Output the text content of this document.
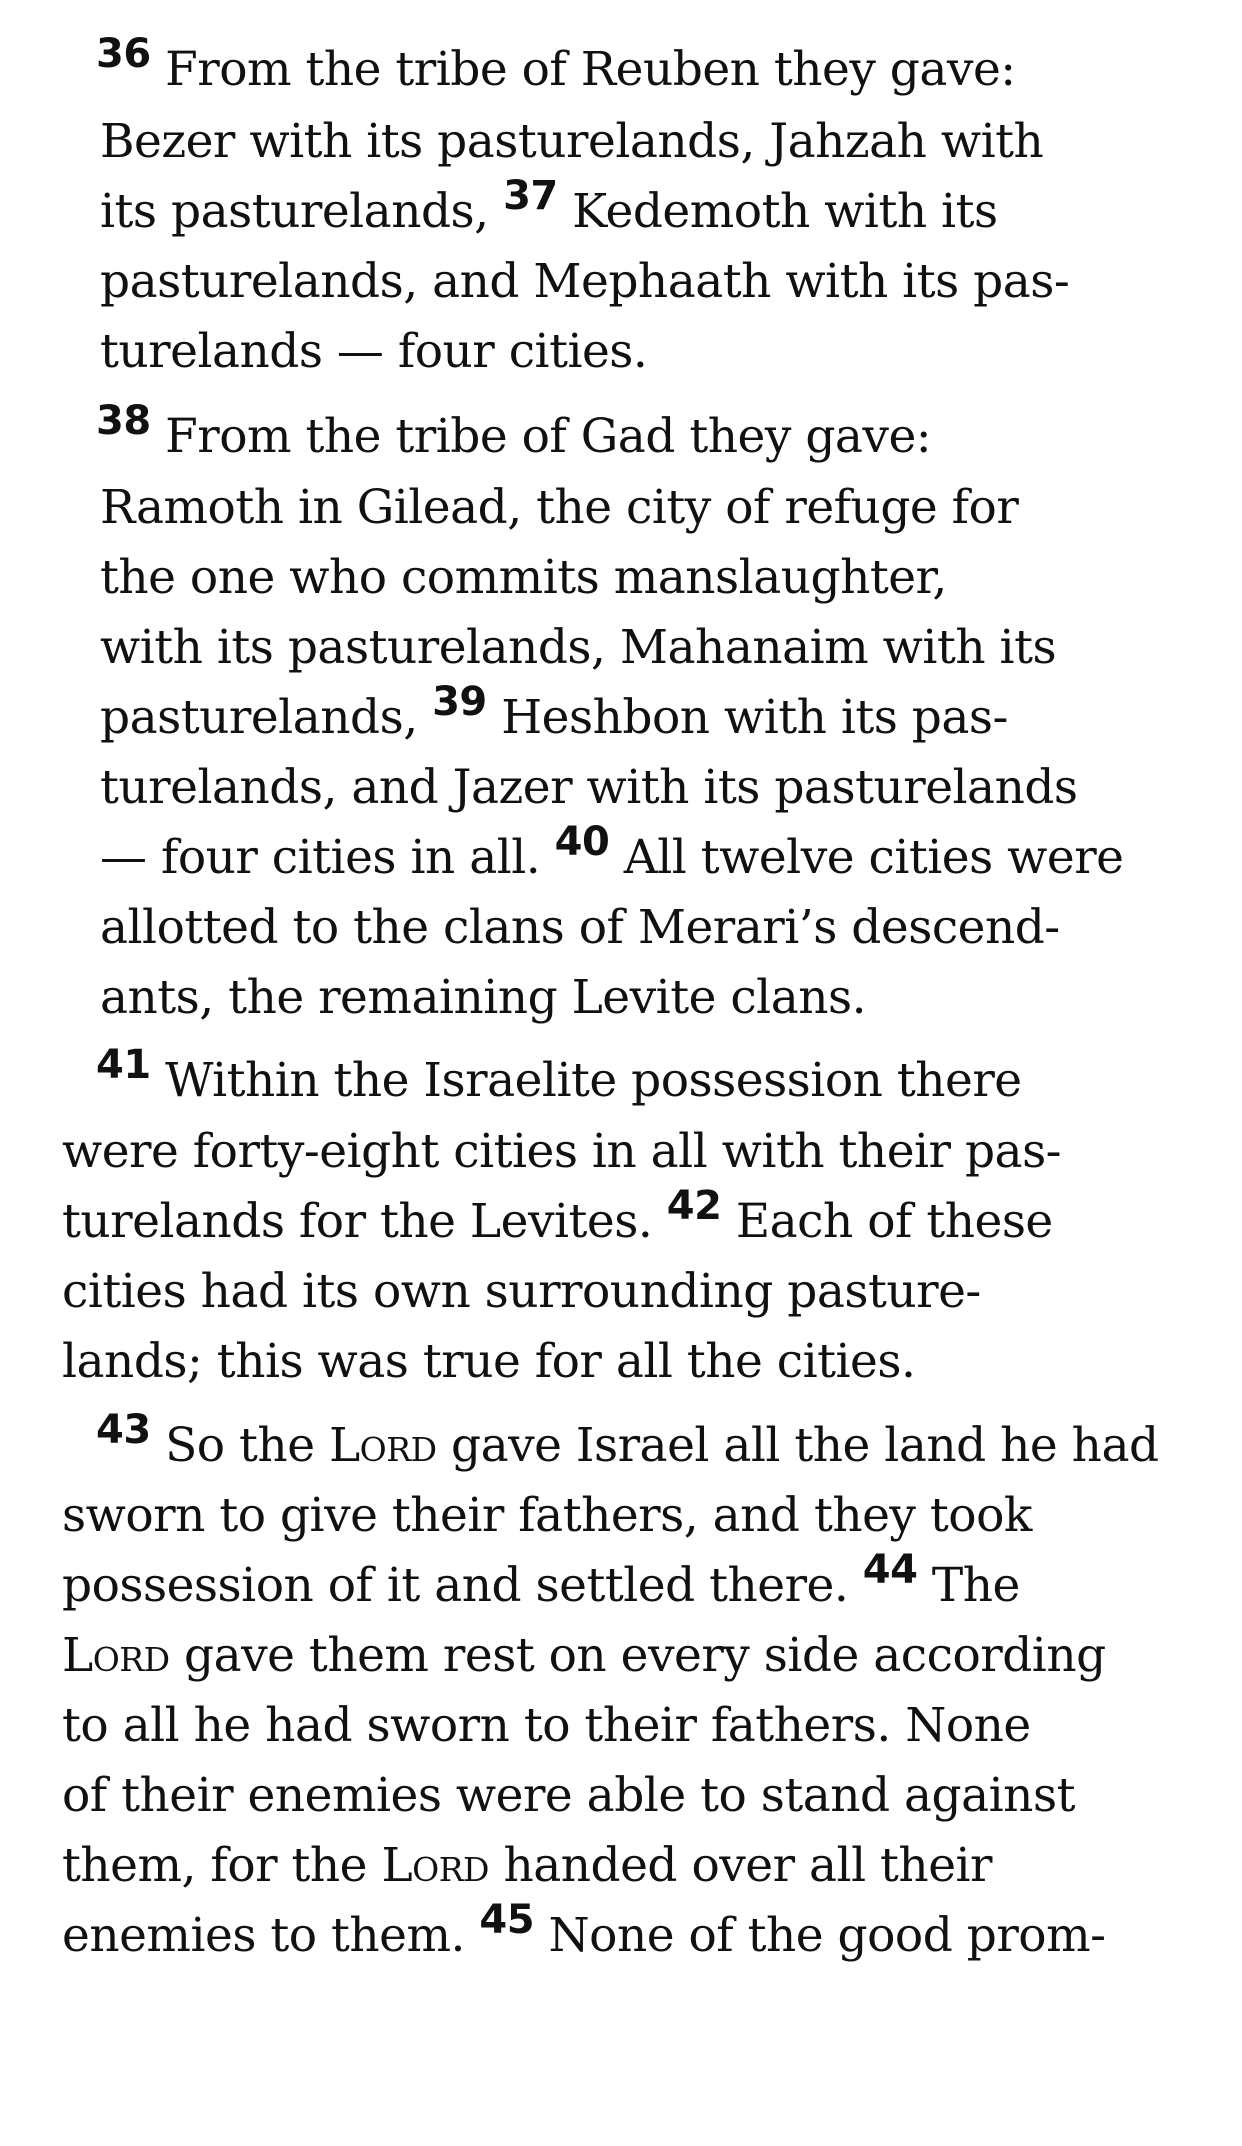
36 From the tribe of Reuben they gave:
Bezer with its pasturelands, Jahzah with
its pasturelands, 37 Kedemoth with its
pasturelands, and Mephaath with its pas-
turelands — four cities.
38 From the tribe of Gad they gave:
Ramoth in Gilead, the city of refuge for
the one who commits manslaughter,
with its pasturelands, Mahanaim with its
pasturelands, 39 Heshbon with its pas-
turelands, and Jazer with its pasturelands
— four cities in all. 40 All twelve cities were
allotted to the clans of Merari’s descend-
ants, the remaining Levite clans.
41 Within the Israelite possession there
were forty-eight cities in all with their pas-
turelands for the Levites. 42 Each of these
cities had its own surrounding pasture-
lands; this was true for all the cities.
43 So the Lord gave Israel all the land he had
sworn to give their fathers, and they took
possession of it and settled there. 44 The
Lord gave them rest on every side according
to all he had sworn to their fathers. None
of their enemies were able to stand against
them, for the Lord handed over all their
enemies to them. 45 None of the good prom-
